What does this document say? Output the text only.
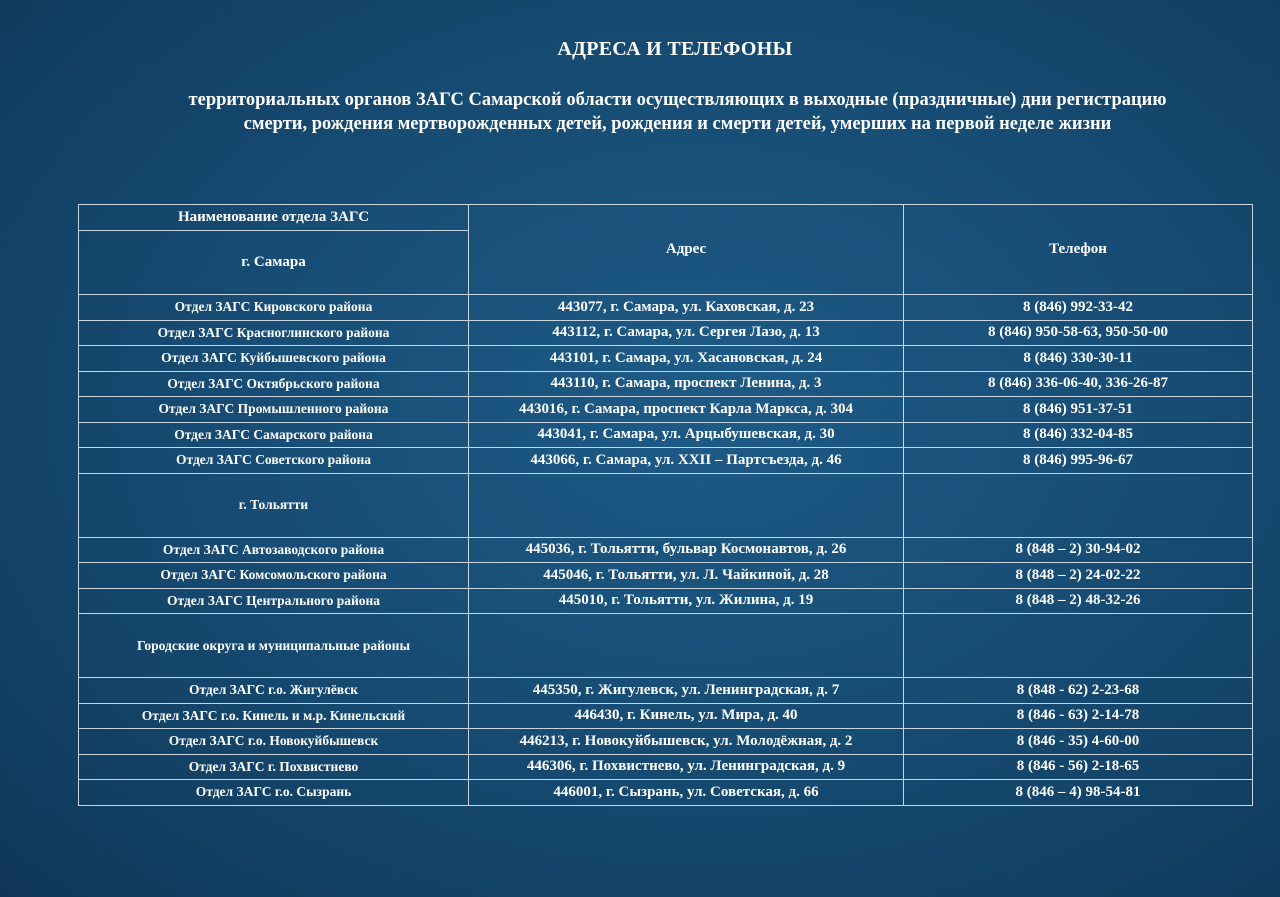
АДРЕСА И ТЕЛЕФОНЫ
территориальных органов ЗАГС Самарской области осуществляющих в выходные (праздничные) дни регистрацию
смерти, рождения мертворожденных детей, рождения и смерти детей, умерших на первой неделе жизни
Наименование отдела ЗАГС	Адрес	Телефон
г. Самара		
Отдел ЗАГС Кировского района	443077, г. Самара, ул. Каховская, д. 23	8 (846) 992-33-42
Отдел ЗАГС Красноглинского района	443112, г. Самара, ул. Сергея Лазо, д. 13	8 (846) 950-58-63, 950-50-00
Отдел ЗАГС Куйбышевского района	443101, г. Самара, ул. Хасановская, д. 24	8 (846) 330-30-11
Отдел ЗАГС Октябрьского района	443110, г. Самара, проспект Ленина, д. 3	8 (846) 336-06-40, 336-26-87
Отдел ЗАГС Промышленного района	443016, г. Самара, проспект Карла Маркса, д. 304	8 (846) 951-37-51
Отдел ЗАГС Самарского района	443041, г. Самара, ул. Арцыбушевская, д. 30	8 (846) 332-04-85
Отдел ЗАГС Советского района	443066, г. Самара, ул. XXII – Партсъезда, д. 46	8 (846) 995-96-67
г. Тольятти		
Отдел ЗАГС Автозаводского района	445036, г. Тольятти, бульвар Космонавтов, д. 26	8 (848 – 2) 30-94-02
Отдел ЗАГС Комсомольского района	445046, г. Тольятти, ул. Л. Чайкиной, д. 28	8 (848 – 2) 24-02-22
Отдел ЗАГС Центрального района	445010, г. Тольятти, ул. Жилина, д. 19	8 (848 – 2) 48-32-26
Городские округа и муниципальные районы		
Отдел ЗАГС г.о. Жигулёвск	445350, г. Жигулевск, ул. Ленинградская, д. 7	8 (848 - 62) 2-23-68
Отдел ЗАГС г.о. Кинель и м.р. Кинельский	446430, г. Кинель, ул. Мира, д. 40	8 (846 - 63) 2-14-78
Отдел ЗАГС г.о. Новокуйбышевск	446213, г. Новокуйбышевск, ул. Молодёжная, д. 2	8 (846 - 35) 4-60-00
Отдел ЗАГС г. Похвистнево	446306, г. Похвистнево, ул. Ленинградская, д. 9	8 (846 - 56) 2-18-65
Отдел ЗАГС г.о. Сызрань	446001, г. Сызрань, ул. Советская, д. 66	8 (846 – 4) 98-54-81
